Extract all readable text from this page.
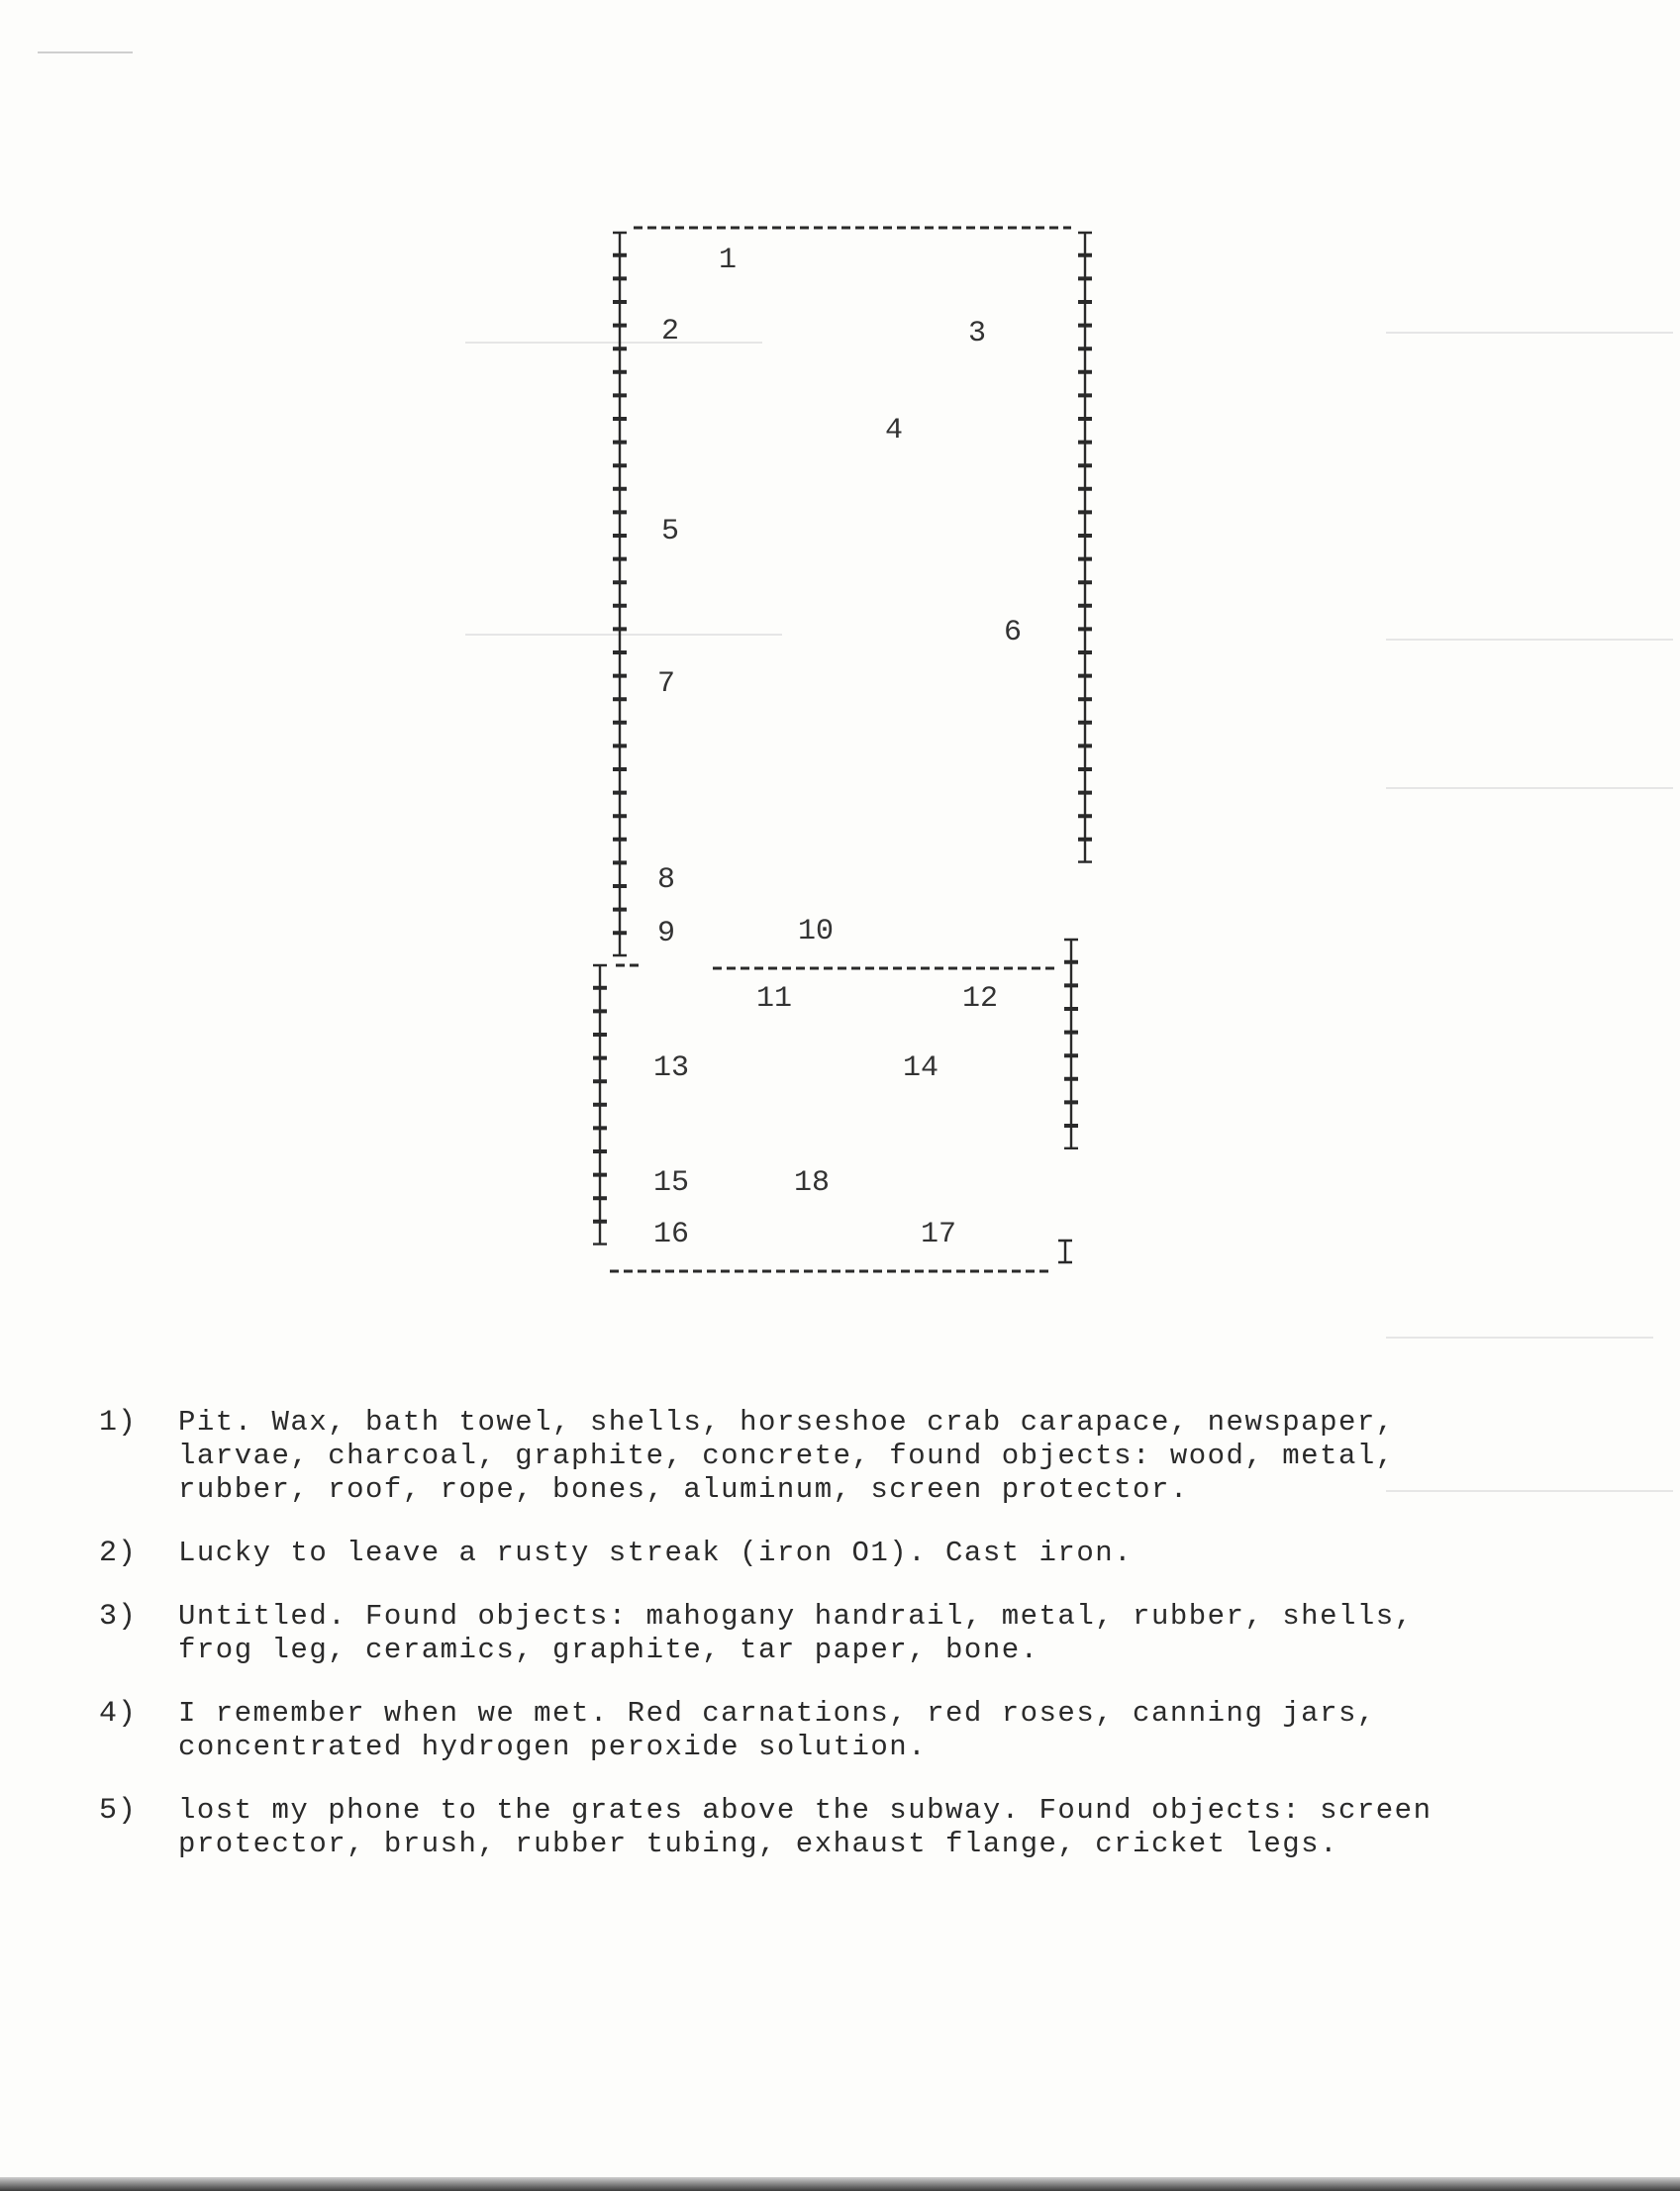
1
2	3
4
5
6
7
8
9	10
11	12
13	14
15	18
16	17
1) Pit. Wax, bath towel, shells, horseshoe crab carapace, newspaper,
larvae, charcoal, graphite, concrete, found objects: wood, metal,
rubber, roof, rope, bones, aluminum, screen protector.
2) Lucky to leave a rusty streak (iron O1). Cast iron.
3) Untitled. Found objects: mahogany handrail, metal, rubber, shells,
frog leg, ceramics, graphite, tar paper, bone.
4) I remember when we met. Red carnations, red roses, canning jars,
concentrated hydrogen peroxide solution.
5) lost my phone to the grates above the subway. Found objects: screen
protector, brush, rubber tubing, exhaust flange, cricket legs.
